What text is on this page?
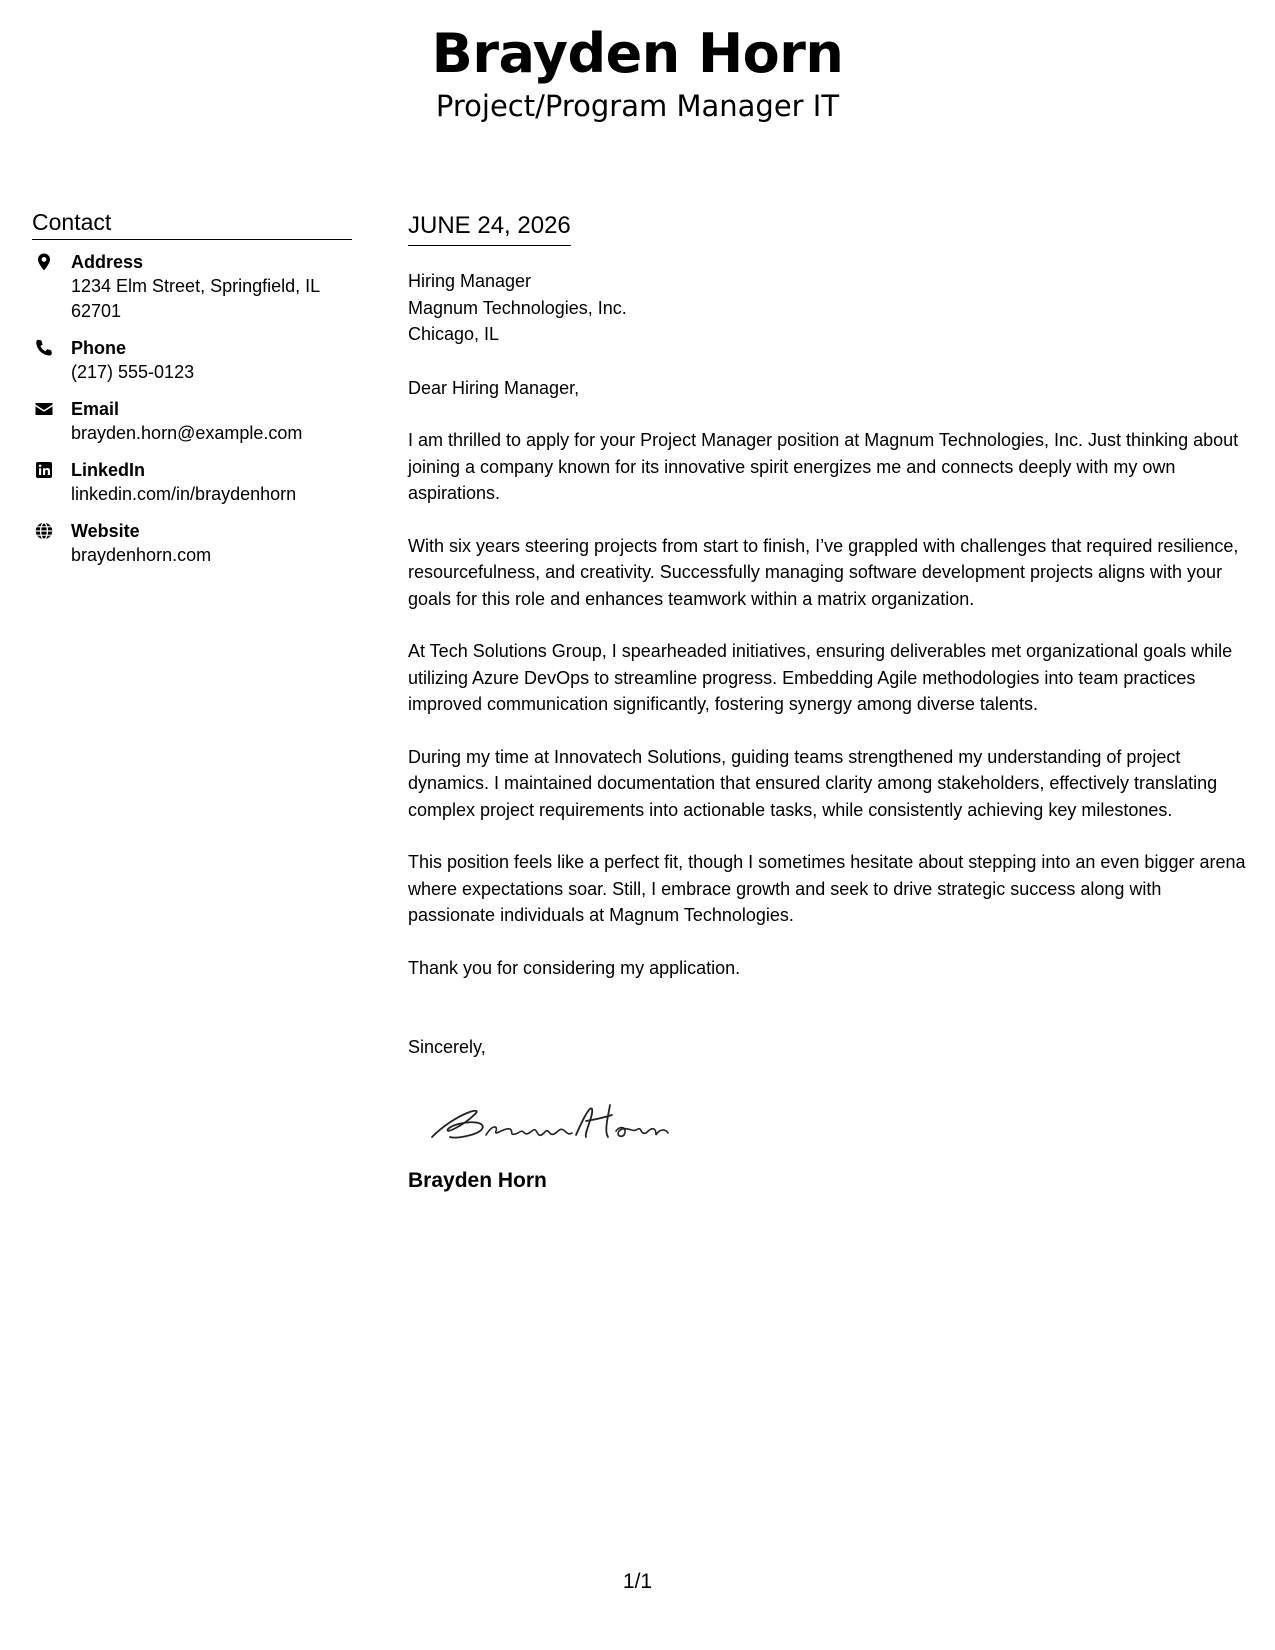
Brayden Horn
Project/Program Manager IT
Contact
Address
1234 Elm Street, Springfield, IL
62701
Phone
(217) 555-0123
Email
brayden.horn@example.com
LinkedIn
linkedin.com/in/braydenhorn
Website
braydenhorn.com
JUNE 24, 2026
Hiring Manager
Magnum Technologies, Inc.
Chicago, IL
Dear Hiring Manager,
I am thrilled to apply for your Project Manager position at Magnum Technologies, Inc. Just thinking about joining a company known for its innovative spirit energizes me and connects deeply with my own aspirations.
With six years steering projects from start to finish, I’ve grappled with challenges that required resilience, resourcefulness, and creativity. Successfully managing software development projects aligns with your goals for this role and enhances teamwork within a matrix organization.
At Tech Solutions Group, I spearheaded initiatives, ensuring deliverables met organizational goals while utilizing Azure DevOps to streamline progress. Embedding Agile methodologies into team practices improved communication significantly, fostering synergy among diverse talents.
During my time at Innovatech Solutions, guiding teams strengthened my understanding of project dynamics. I maintained documentation that ensured clarity among stakeholders, effectively translating complex project requirements into actionable tasks, while consistently achieving key milestones.
This position feels like a perfect fit, though I sometimes hesitate about stepping into an even bigger arena where expectations soar. Still, I embrace growth and seek to drive strategic success along with passionate individuals at Magnum Technologies.
Thank you for considering my application.
Sincerely,
Brayden Horn
1/1
